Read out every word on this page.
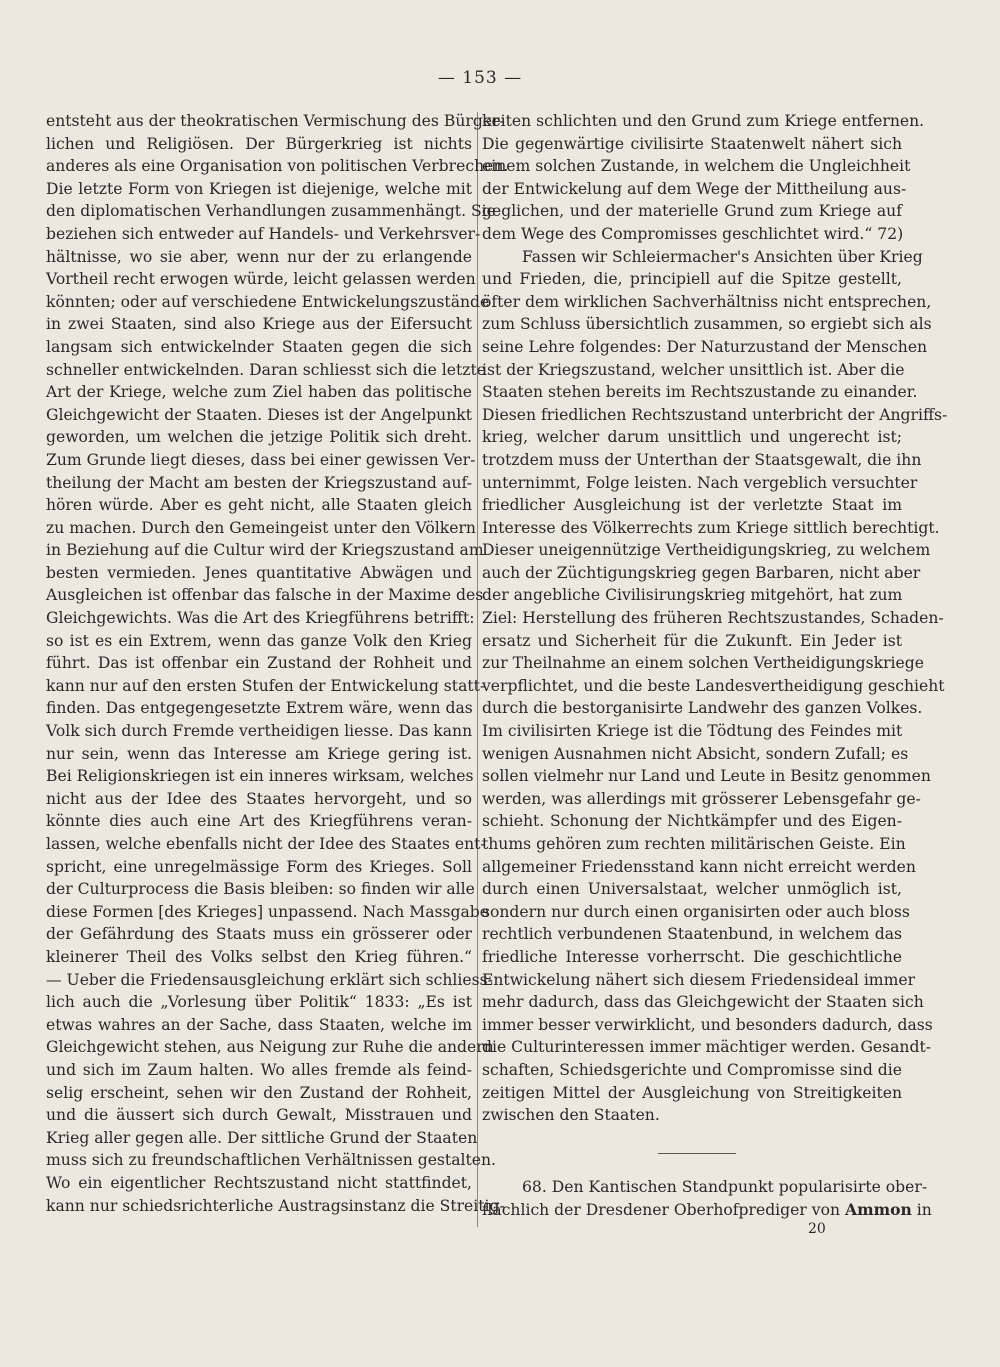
— 153 —
entsteht aus der theokratischen Vermischung des Bürger-
lichen und Religiösen. Der Bürgerkrieg ist nichts
anderes als eine Organisation von politischen Verbrechen.
Die letzte Form von Kriegen ist diejenige, welche mit
den diplomatischen Verhandlungen zusammenhängt. Sie
beziehen sich entweder auf Handels- und Verkehrsver-
hältnisse, wo sie aber, wenn nur der zu erlangende
Vortheil recht erwogen würde, leicht gelassen werden
könnten; oder auf verschiedene Entwickelungszustände
in zwei Staaten, sind also Kriege aus der Eifersucht
langsam sich entwickelnder Staaten gegen die sich
schneller entwickelnden. Daran schliesst sich die letzte
Art der Kriege, welche zum Ziel haben das politische
Gleichgewicht der Staaten. Dieses ist der Angelpunkt
geworden, um welchen die jetzige Politik sich dreht.
Zum Grunde liegt dieses, dass bei einer gewissen Ver-
theilung der Macht am besten der Kriegszustand auf-
hören würde. Aber es geht nicht, alle Staaten gleich
zu machen. Durch den Gemeingeist unter den Völkern
in Beziehung auf die Cultur wird der Kriegszustand am
besten vermieden. Jenes quantitative Abwägen und
Ausgleichen ist offenbar das falsche in der Maxime des
Gleichgewichts. Was die Art des Kriegführens betrifft:
so ist es ein Extrem, wenn das ganze Volk den Krieg
führt. Das ist offenbar ein Zustand der Rohheit und
kann nur auf den ersten Stufen der Entwickelung statt-
finden. Das entgegengesetzte Extrem wäre, wenn das
Volk sich durch Fremde vertheidigen liesse. Das kann
nur sein, wenn das Interesse am Kriege gering ist.
Bei Religionskriegen ist ein inneres wirksam, welches
nicht aus der Idee des Staates hervorgeht, und so
könnte dies auch eine Art des Kriegführens veran-
lassen, welche ebenfalls nicht der Idee des Staates ent-
spricht, eine unregelmässige Form des Krieges. Soll
der Culturprocess die Basis bleiben: so finden wir alle
diese Formen [des Krieges] unpassend. Nach Massgabe
der Gefährdung des Staats muss ein grösserer oder
kleinerer Theil des Volks selbst den Krieg führen.“
— Ueber die Friedensausgleichung erklärt sich schliess-
lich auch die „Vorlesung über Politik“ 1833: „Es ist
etwas wahres an der Sache, dass Staaten, welche im
Gleichgewicht stehen, aus Neigung zur Ruhe die andern
und sich im Zaum halten. Wo alles fremde als feind-
selig erscheint, sehen wir den Zustand der Rohheit,
und die äussert sich durch Gewalt, Misstrauen und
Krieg aller gegen alle. Der sittliche Grund der Staaten
muss sich zu freundschaftlichen Verhältnissen gestalten.
Wo ein eigentlicher Rechtszustand nicht stattfindet,
kann nur schiedsrichterliche Austragsinstanz die Streitig-
keiten schlichten und den Grund zum Kriege entfernen.
Die gegenwärtige civilisirte Staatenwelt nähert sich
einem solchen Zustande, in welchem die Ungleichheit
der Entwickelung auf dem Wege der Mittheilung aus-
geglichen, und der materielle Grund zum Kriege auf
dem Wege des Compromisses geschlichtet wird.“ 72)
Fassen wir Schleiermacher's Ansichten über Krieg
und Frieden, die, principiell auf die Spitze gestellt,
öfter dem wirklichen Sachverhältniss nicht entsprechen,
zum Schluss übersichtlich zusammen, so ergiebt sich als
seine Lehre folgendes: Der Naturzustand der Menschen
ist der Kriegszustand, welcher unsittlich ist. Aber die
Staaten stehen bereits im Rechtszustande zu einander.
Diesen friedlichen Rechtszustand unterbricht der Angriffs-
krieg, welcher darum unsittlich und ungerecht ist;
trotzdem muss der Unterthan der Staatsgewalt, die ihn
unternimmt, Folge leisten. Nach vergeblich versuchter
friedlicher Ausgleichung ist der verletzte Staat im
Interesse des Völkerrechts zum Kriege sittlich berechtigt.
Dieser uneigennützige Vertheidigungskrieg, zu welchem
auch der Züchtigungskrieg gegen Barbaren, nicht aber
der angebliche Civilisirungskrieg mitgehört, hat zum
Ziel: Herstellung des früheren Rechtszustandes, Schaden-
ersatz und Sicherheit für die Zukunft. Ein Jeder ist
zur Theilnahme an einem solchen Vertheidigungskriege
verpflichtet, und die beste Landesvertheidigung geschieht
durch die bestorganisirte Landwehr des ganzen Volkes.
Im civilisirten Kriege ist die Tödtung des Feindes mit
wenigen Ausnahmen nicht Absicht, sondern Zufall; es
sollen vielmehr nur Land und Leute in Besitz genommen
werden, was allerdings mit grösserer Lebensgefahr ge-
schieht. Schonung der Nichtkämpfer und des Eigen-
thums gehören zum rechten militärischen Geiste. Ein
allgemeiner Friedensstand kann nicht erreicht werden
durch einen Universalstaat, welcher unmöglich ist,
sondern nur durch einen organisirten oder auch bloss
rechtlich verbundenen Staatenbund, in welchem das
friedliche Interesse vorherrscht. Die geschichtliche
Entwickelung nähert sich diesem Friedensideal immer
mehr dadurch, dass das Gleichgewicht der Staaten sich
immer besser verwirklicht, und besonders dadurch, dass
die Culturinteressen immer mächtiger werden. Gesandt-
schaften, Schiedsgerichte und Compromisse sind die
zeitigen Mittel der Ausgleichung von Streitigkeiten
zwischen den Staaten.
68. Den Kantischen Standpunkt popularisirte ober-
flächlich der Dresdener Oberhofprediger von Ammon in
20
